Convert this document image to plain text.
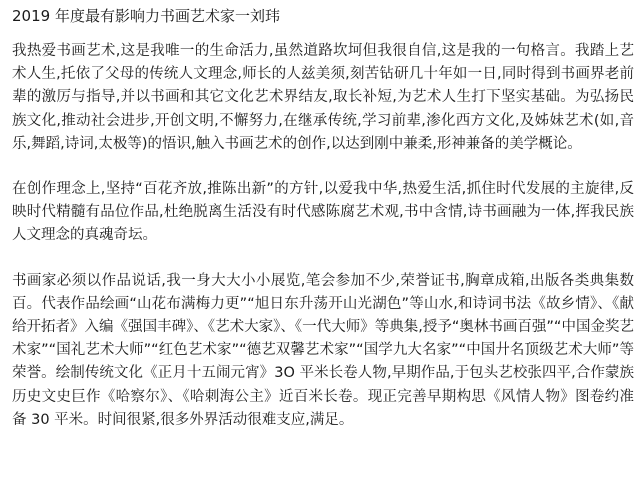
2019 年度最有影响力书画艺术家一刘玮

我热爱书画艺术,这是我唯一的生命活力,虽然道路坎坷但我很自信,这是我的一句格言。我踏上艺术人生,托依了父母的传统人文理念,师长的人兹美须,刻苦钻研几十年如一日,同时得到书画界老前辈的激厉与指导,并以书画和其它文化艺术界结友,取长补短,为艺术人生打下坚实基础。为弘扬民族文化,推动社会进步,开创文明,不懈努力,在继承传统,学习前辈,渗化西方文化,及姊妹艺术(如,音乐,舞蹈,诗词,太极等)的悟识,触入书画艺术的创作,以达到刚中兼柔,形神兼备的美学概论。

在创作理念上,坚持“百花齐放,推陈出新”的方针,以爱我中华,热爱生活,抓住时代发展的主旋律,反映时代精髓有品位作品,杜绝脱离生活没有时代感陈腐艺术观,书中含情,诗书画融为一体,挥我民族人文理念的真魂奇坛。

书画家必须以作品说话,我一身大大小小展览,笔会参加不少,荣誉证书,胸章成箱,出版各类典集数百。代表作品绘画“山花布满梅力更”“旭日东升荡开山光湖色”等山水,和诗词书法《故乡情》、《献给开拓者》入编《强国丰碑》、《艺术大家》、《一代大师》等典集,授予“奥林书画百强”“中国金奖艺术家”“国礼艺术大师”“红色艺术家”“德艺双馨艺术家”“国学九大名家”“中国廾名顶级艺术大师”等荣誉。绘制传统文化《正月十五闹元宵》3O 平米长卷人物,早期作品,于包头艺校张四平,合作蒙族历史文史巨作《哈察尔》、《哈刺海公主》近百米长卷。现正完善早期构思《风情人物》图卷约准备 30 平米。时间很紧,很多外界活动很难支应,满足。
